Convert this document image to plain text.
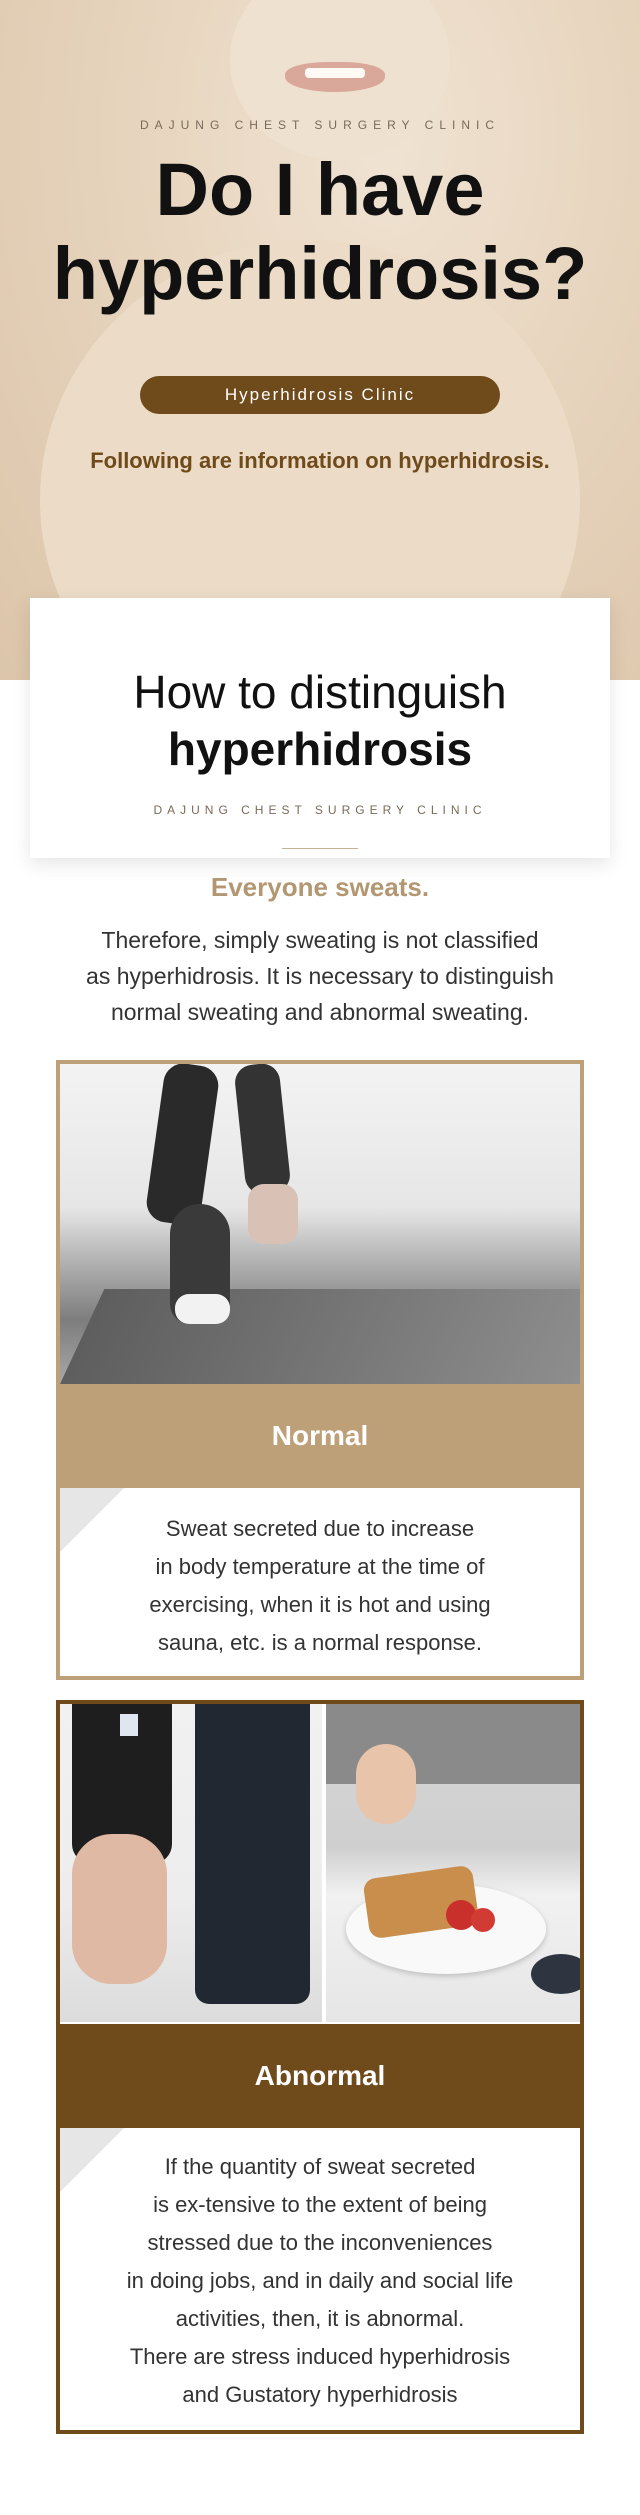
DAJUNG CHEST SURGERY CLINIC
Do I have
hyperhidrosis?
Hyperhidrosis Clinic
Following are information on hyperhidrosis.
How to distinguish
hyperhidrosis
DAJUNG CHEST SURGERY CLINIC
Everyone sweats.
Therefore, simply sweating is not classified
as hyperhidrosis. It is necessary to distinguish
normal sweating and abnormal sweating.
Normal
Sweat secreted due to increase
in body temperature at the time of
exercising, when it is hot and using
sauna, etc. is a normal response.
Abnormal
If the quantity of sweat secreted
is ex-tensive to the extent of being
stressed due to the inconveniences
in doing jobs, and in daily and social life
activities, then, it is abnormal.
There are stress induced hyperhidrosis
and Gustatory hyperhidrosis
